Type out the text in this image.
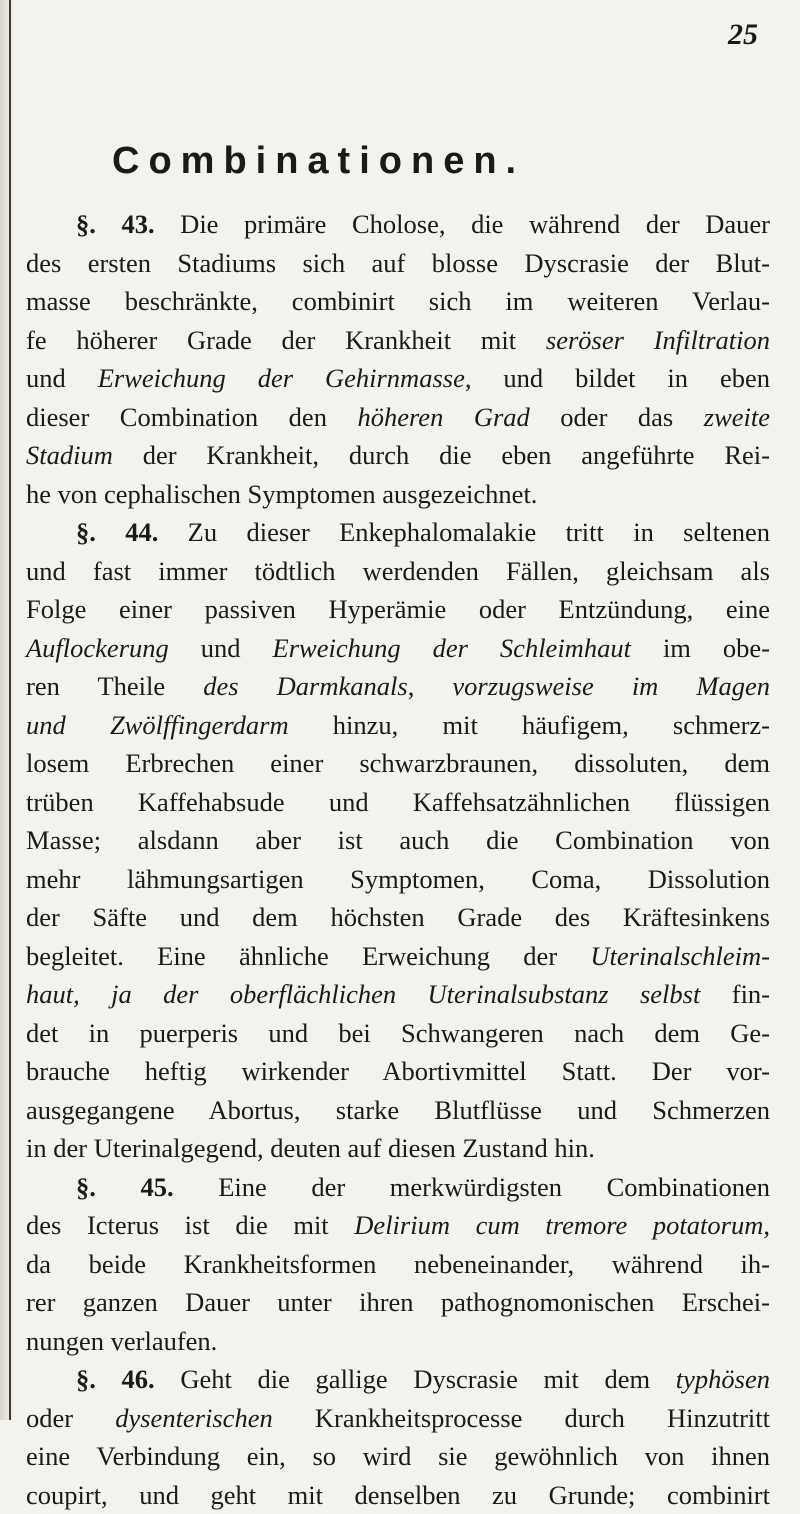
25
Combinationen.
§. 43. Die primäre Cholose, die während der Dauer
des ersten Stadiums sich auf blosse Dyscrasie der Blut-
masse beschränkte, combinirt sich im weiteren Verlau-
fe höherer Grade der Krankheit mit seröser Infiltration
und Erweichung der Gehirnmasse, und bildet in eben
dieser Combination den höheren Grad oder das zweite
Stadium der Krankheit, durch die eben angeführte Rei-
he von cephalischen Symptomen ausgezeichnet.
§. 44. Zu dieser Enkephalomalakie tritt in seltenen
und fast immer tödtlich werdenden Fällen, gleichsam als
Folge einer passiven Hyperämie oder Entzündung, eine
Auflockerung und Erweichung der Schleimhaut im obe-
ren Theile des Darmkanals, vorzugsweise im Magen
und Zwölffingerdarm hinzu, mit häufigem, schmerz-
losem Erbrechen einer schwarzbraunen, dissoluten, dem
trüben Kaffehabsude und Kaffehsatzähnlichen flüssigen
Masse; alsdann aber ist auch die Combination von
mehr lähmungsartigen Symptomen, Coma, Dissolution
der Säfte und dem höchsten Grade des Kräftesinkens
begleitet. Eine ähnliche Erweichung der Uterinalschleim-
haut, ja der oberflächlichen Uterinalsubstanz selbst fin-
det in puerperis und bei Schwangeren nach dem Ge-
brauche heftig wirkender Abortivmittel Statt. Der vor-
ausgegangene Abortus, starke Blutflüsse und Schmerzen
in der Uterinalgegend, deuten auf diesen Zustand hin.
§. 45. Eine der merkwürdigsten Combinationen
des Icterus ist die mit Delirium cum tremore potatorum,
da beide Krankheitsformen nebeneinander, während ih-
rer ganzen Dauer unter ihren pathognomonischen Erschei-
nungen verlaufen.
§. 46. Geht die gallige Dyscrasie mit dem typhösen
oder dysenterischen Krankheitsprocesse durch Hinzutritt
eine Verbindung ein, so wird sie gewöhnlich von ihnen
coupirt, und geht mit denselben zu Grunde; combinirt
